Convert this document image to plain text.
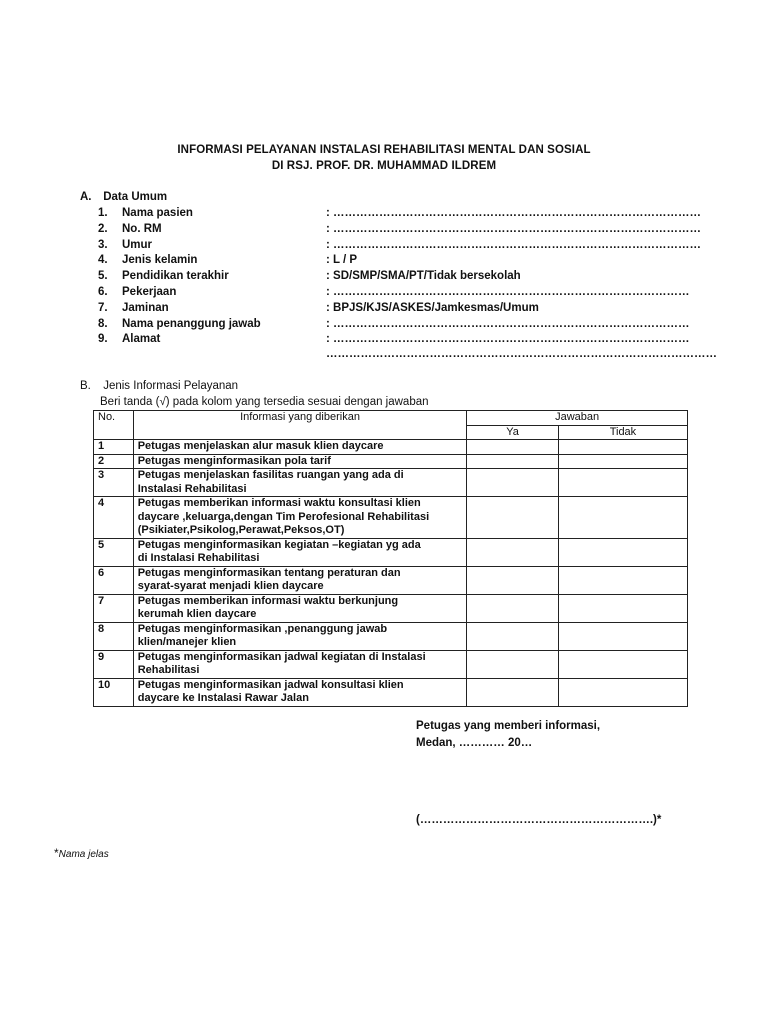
INFORMASI PELAYANAN INSTALASI REHABILITASI MENTAL DAN SOSIAL
DI RSJ. PROF. DR. MUHAMMAD ILDREM
A. Data Umum
1.	Nama pasien	: ……………………………………………………………………………………
2.	No. RM	: ……………………………………………………………………………………
3.	Umur	: ……………………………………………………………………………………
4.	Jenis kelamin	: L / P
5.	Pendidikan terakhir	: SD/SMP/SMA/PT/Tidak bersekolah
6.	Pekerjaan	: …………………………………………………………………………………
7.	Jaminan	: BPJS/KJS/ASKES/Jamkesmas/Umum
8.	Nama penanggung jawab	: …………………………………………………………………………………
9.	Alamat	: …………………………………………………………………………………
…………………………………………………………………………………………
B. Jenis Informasi Pelayanan
Beri tanda (√) pada kolom yang tersedia sesuai dengan jawaban
No.	Informasi yang diberikan	Jawaban	
		Ya	Tidak
1	Petugas menjelaskan alur masuk klien daycare		

2	Petugas menginformasikan pola tarif		

3	Petugas menjelaskan fasilitas ruangan yang ada di
Instalasi Rehabilitasi		

4	Petugas memberikan informasi waktu konsultasi klien
daycare ,keluarga,dengan Tim Perofesional Rehabilitasi
(Psikiater,Psikolog,Perawat,Peksos,OT)		

5	Petugas menginformasikan kegiatan –kegiatan yg ada
di Instalasi Rehabilitasi		

6	Petugas menginformasikan tentang peraturan dan
syarat-syarat menjadi klien daycare		

7	Petugas memberikan informasi waktu berkunjung
kerumah klien daycare		

8	Petugas menginformasikan ,penanggung jawab
klien/manejer klien		

9	Petugas menginformasikan jadwal kegiatan di Instalasi
Rehabilitasi		

10	Petugas menginformasikan jadwal konsultasi klien
daycare ke Instalasi Rawar Jalan		

Petugas yang memberi informasi,
Medan, ………… 20…
(…………………………………………………….)*
*Nama jelas
